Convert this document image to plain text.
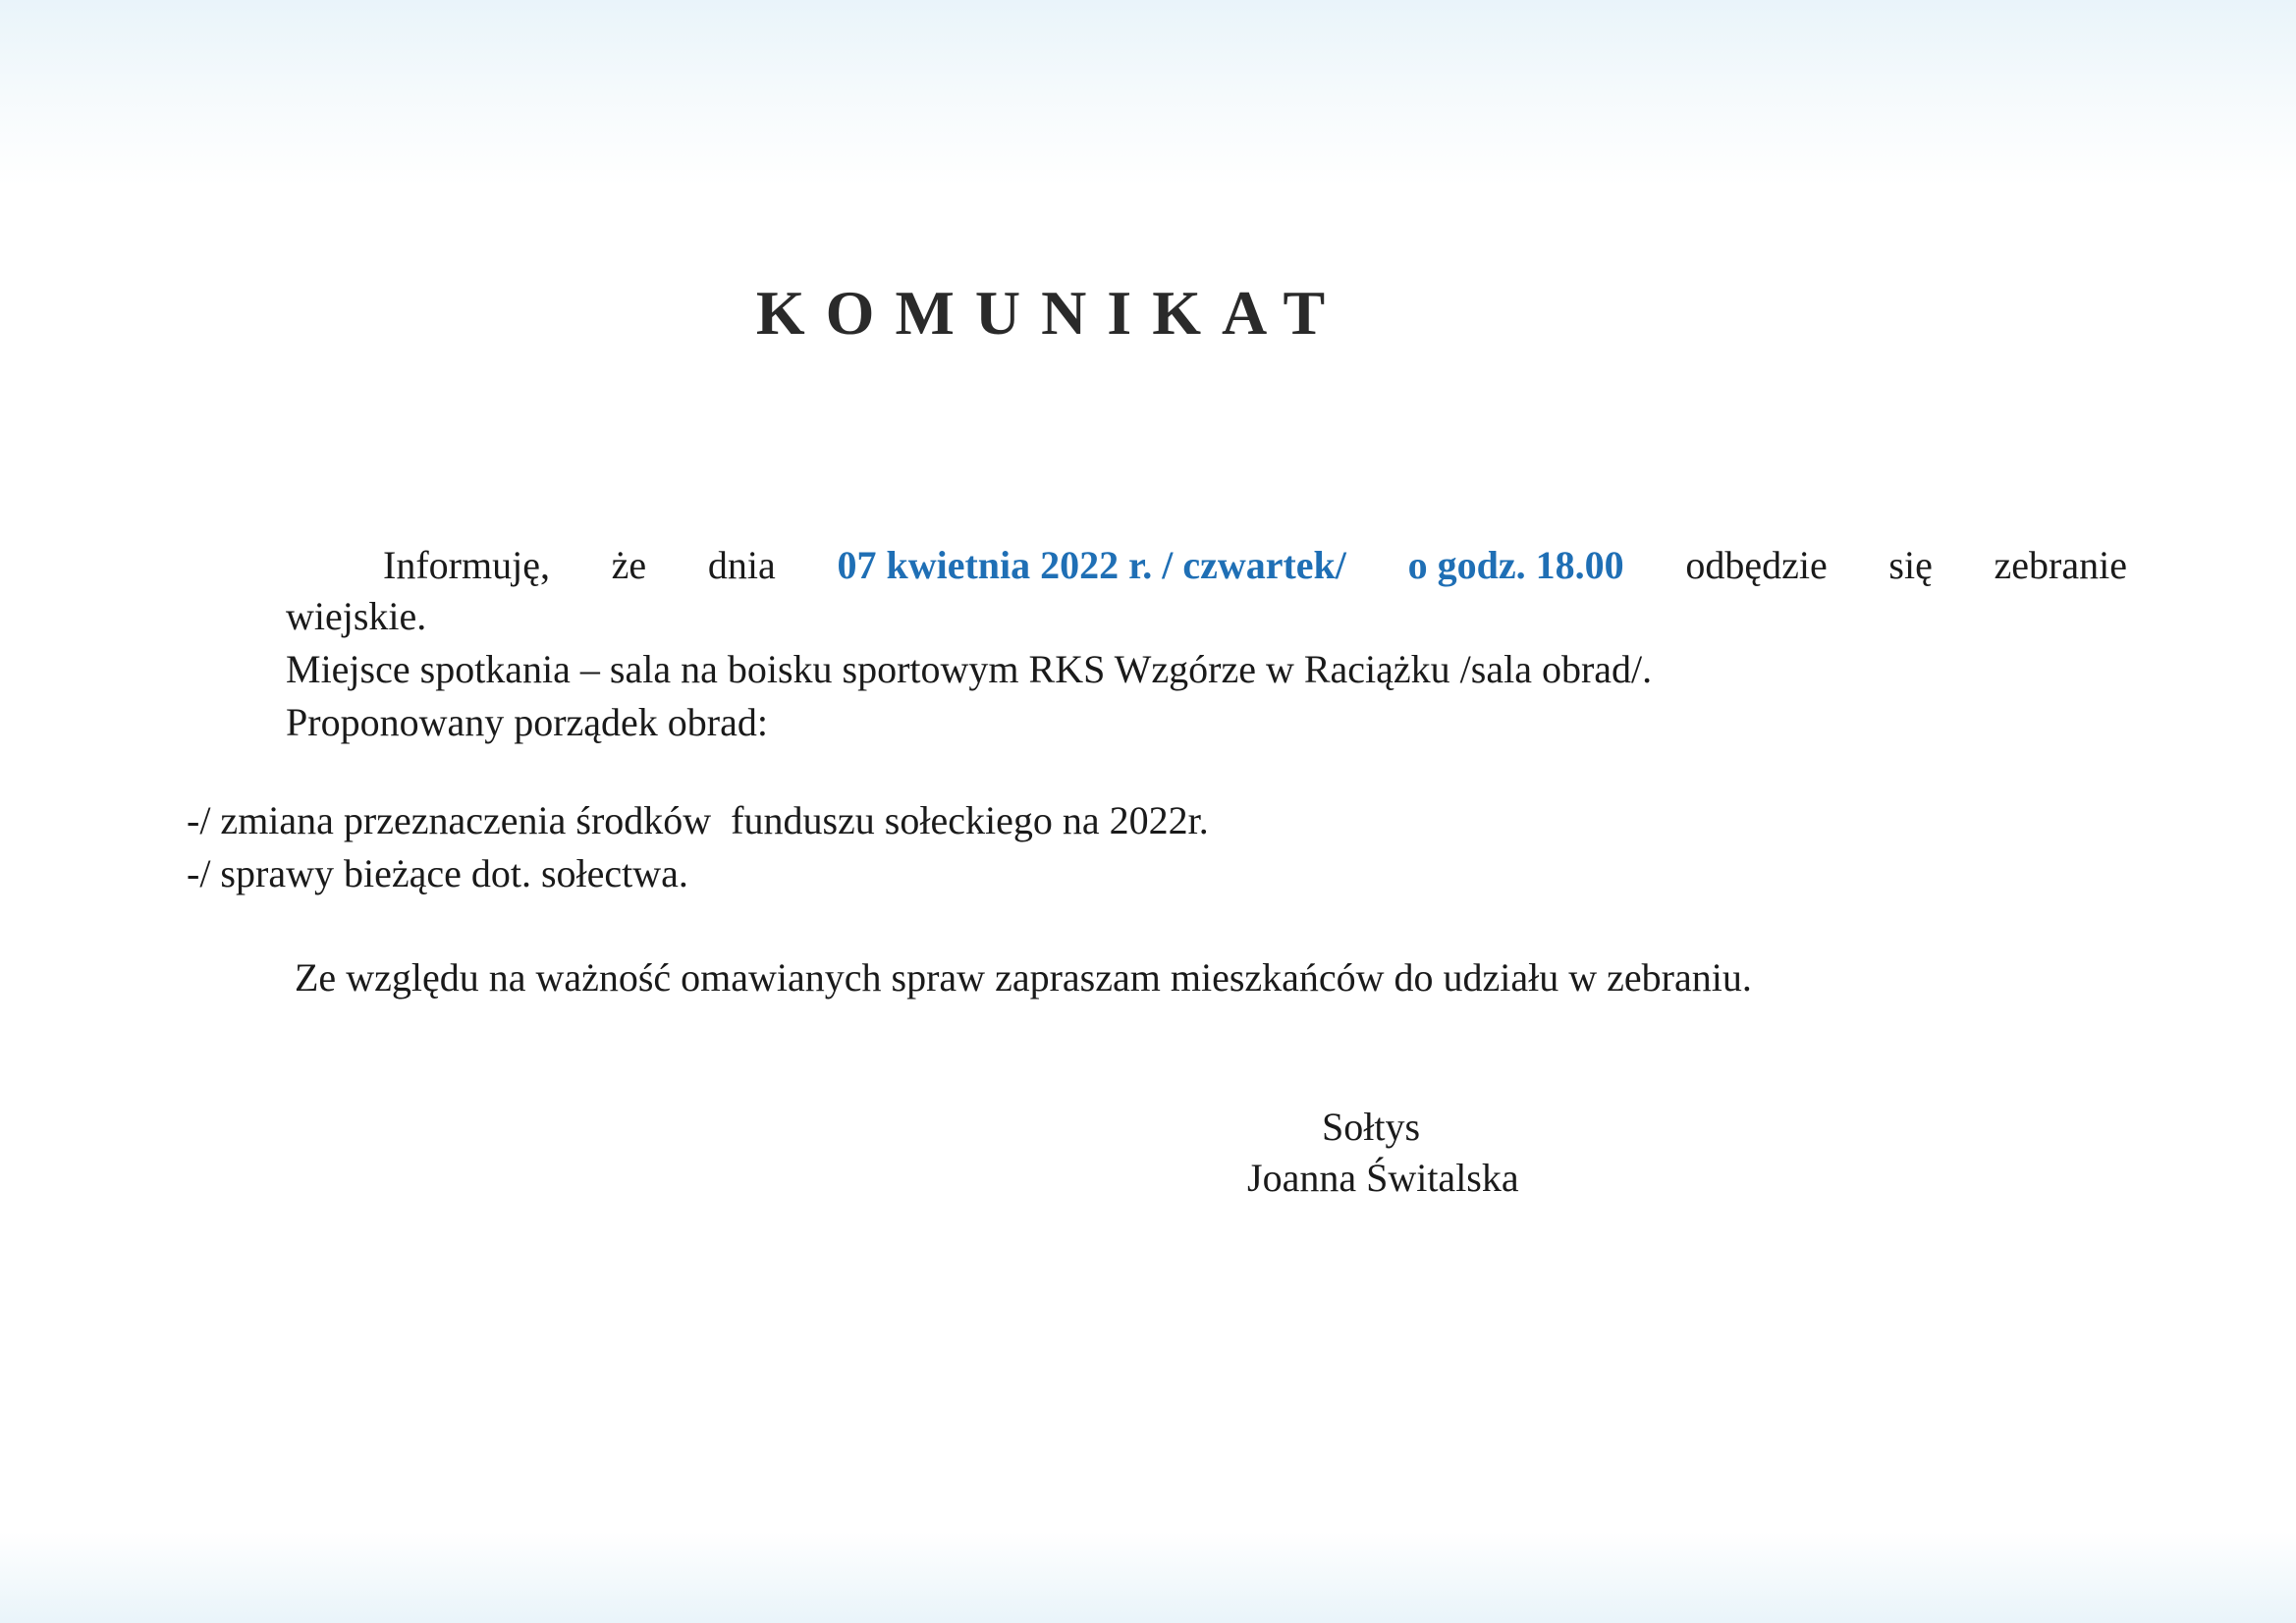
KOMUNIKAT
Informuję, że dnia 07 kwietnia 2022 r. / czwartek/ o godz. 18.00 odbędzie się zebranie
wiejskie.
Miejsce spotkania – sala na boisku sportowym RKS Wzgórze w Raciążku /sala obrad/.
Proponowany porządek obrad:
-/ zmiana przeznaczenia środków  funduszu sołeckiego na 2022r.
-/ sprawy bieżące dot. sołectwa.
Ze względu na ważność omawianych spraw zapraszam mieszkańców do udziału w zebraniu.
Sołtys
Joanna Świtalska
